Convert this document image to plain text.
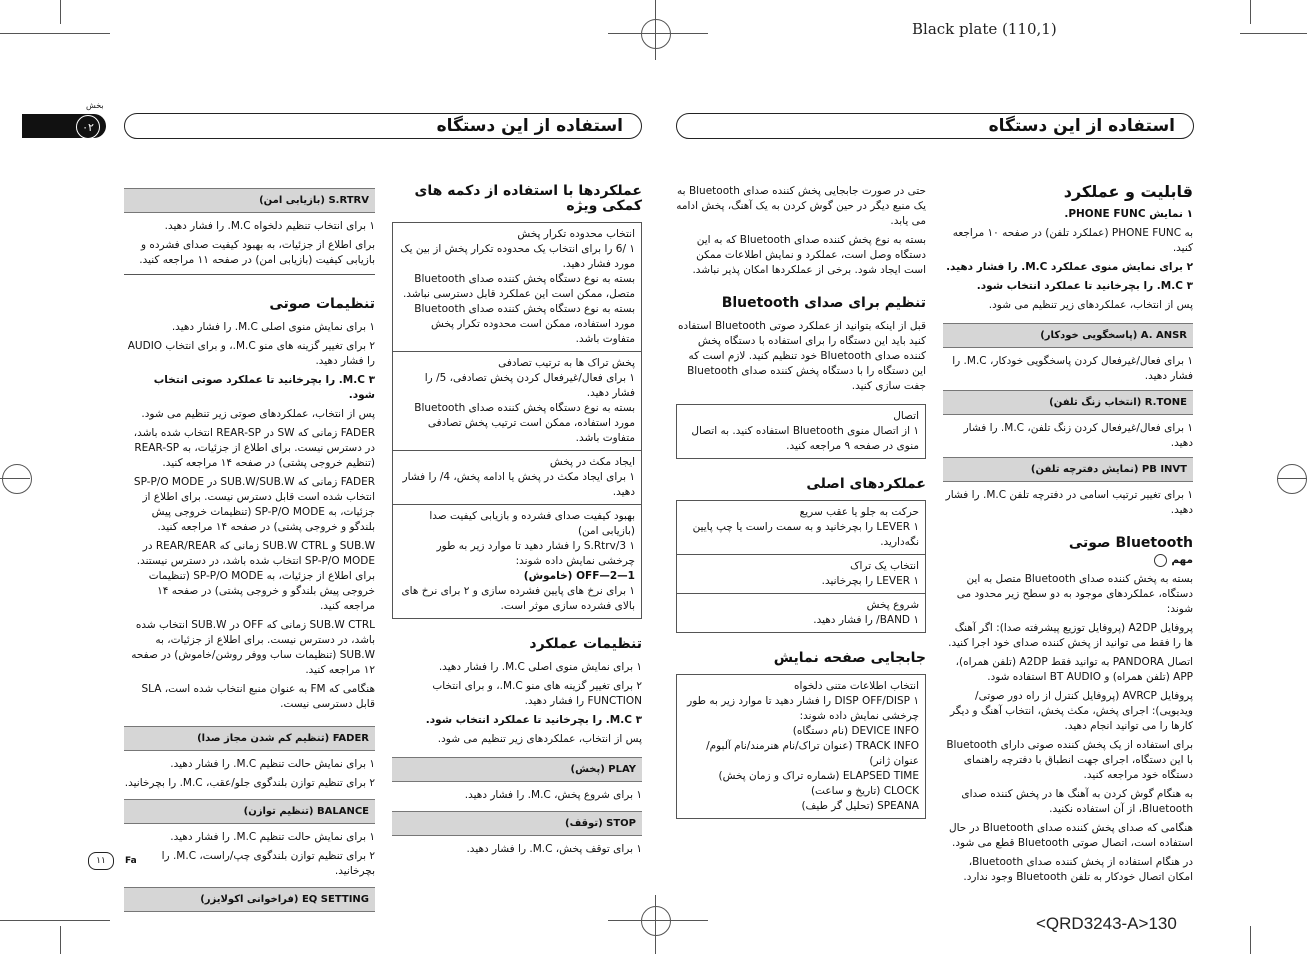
Black plate (110,1)
<QRD3243-A>130
بخش
۰۲	استفاده از این دستگاه	استفاده از این دستگاه
S.RTRV (بازیابی امن)
۱ برای انتخاب تنظیم دلخواه M.C. را فشار دهید.
برای اطلاع از جزئیات، به بهبود کیفیت صدای فشرده و بازیابی کیفیت (بازیابی امن) در صفحه ۱۱ مراجعه کنید.
تنظیمات صوتی
۱ برای نمایش منوی اصلی M.C. را فشار دهید.
۲ برای تغییر گزینه های منو M.C.، و برای انتخاب AUDIO را فشار دهید.
۳ M.C. را بچرخانید تا عملکرد صوتی انتخاب شود.
پس از انتخاب، عملکردهای صوتی زیر تنظیم می شود.
FADER زمانی که SW در REAR-SP انتخاب شده باشد، در دسترس نیست. برای اطلاع از جزئیات، به REAR-SP (تنظیم خروجی پشتی) در صفحه ۱۴ مراجعه کنید.
FADER زمانی که SUB.W/SUB.W در SP-P/O MODE انتخاب شده است قابل دسترس نیست. برای اطلاع از جزئیات، به SP-P/O MODE (تنظیمات خروجی پیش بلندگو و خروجی پشتی) در صفحه ۱۴ مراجعه کنید.
SUB.W و SUB.W CTRL زمانی که REAR/REAR در SP-P/O MODE انتخاب شده باشد، در دسترس نیستند. برای اطلاع از جزئیات، به SP-P/O MODE (تنظیمات خروجی پیش بلندگو و خروجی پشتی) در صفحه ۱۴ مراجعه کنید.
SUB.W CTRL زمانی که OFF در SUB.W انتخاب شده باشد، در دسترس نیست. برای اطلاع از جزئیات، به SUB.W (تنظیمات ساب ووفر روشن/خاموش) در صفحه ۱۲ مراجعه کنید.
هنگامی که FM به عنوان منبع انتخاب شده است، SLA قابل دسترسی نیست.
FADER (تنظیم کم شدن مجاز صدا)
۱ برای نمایش حالت تنظیم M.C. را فشار دهید.
۲ برای تنظیم توازن بلندگوی جلو/عقب، M.C. را بچرخانید.
BALANCE (تنظیم توازن)
۱ برای نمایش حالت تنظیم M.C. را فشار دهید.
۲ برای تنظیم توازن بلندگوی چپ/راست، M.C. را بچرخانید.
EQ SETTING (فراخوانی اکولایزر)
عملکردها با استفاده از دکمه های کمکی ویژه
انتخاب محدوده تکرار پخش
۱ /6 را برای انتخاب یک محدوده تکرار پخش از بین یک مورد فشار دهید.
بسته به نوع دستگاه پخش کننده صدای Bluetooth متصل، ممکن است این عملکرد قابل دسترسی نباشد.
بسته به نوع دستگاه پخش کننده صدای Bluetooth مورد استفاده، ممکن است محدوده تکرار پخش متفاوت باشد.
پخش تراک ها به ترتیب تصادفی
۱ برای فعال/غیرفعال کردن پخش تصادفی، 5/ را فشار دهید.
بسته به نوع دستگاه پخش کننده صدای Bluetooth مورد استفاده، ممکن است ترتیب پخش تصادفی متفاوت باشد.
ایجاد مکث در پخش
۱ برای ایجاد مکث در پخش یا ادامه پخش، 4/ را فشار دهید.
بهبود کیفیت صدای فشرده و بازیابی کیفیت صدا (بازیابی امن)
۱ S.Rtrv/3 را فشار دهید تا موارد زیر به طور چرخشی نمایش داده شوند:
OFF—2—1 (خاموش)
۱ برای نرخ های پایین فشرده سازی و ۲ برای نرخ های بالای فشرده سازی موثر است.
تنظیمات عملکرد
۱ برای نمایش منوی اصلی M.C. را فشار دهید.
۲ برای تغییر گزینه های منو M.C.، و برای انتخاب FUNCTION را فشار دهید.
۳ M.C. را بچرخانید تا عملکرد انتخاب شود.
پس از انتخاب، عملکردهای زیر تنظیم می شود.
PLAY (پخش)
۱ برای شروع پخش، M.C. را فشار دهید.
STOP (توقف)
۱ برای توقف پخش، M.C. را فشار دهید.
حتی در صورت جابجایی پخش کننده صدای Bluetooth به یک منبع دیگر در حین گوش کردن به یک آهنگ، پخش ادامه می یابد.
بسته به نوع پخش کننده صدای Bluetooth که به این دستگاه وصل است، عملکرد و نمایش اطلاعات ممکن است ایجاد شود. برخی از عملکردها امکان پذیر نباشد.
تنظیم برای صدای Bluetooth
قبل از اینکه بتوانید از عملکرد صوتی Bluetooth استفاده کنید باید این دستگاه را برای استفاده با دستگاه پخش کننده صدای Bluetooth خود تنظیم کنید. لازم است که این دستگاه را با دستگاه پخش کننده صدای Bluetooth جفت سازی کنید.
اتصال
۱ از اتصال منوی Bluetooth استفاده کنید. به اتصال منوی در صفحه ۹ مراجعه کنید.
عملکردهای اصلی
حرکت به جلو یا عقب سریع
۱ LEVER را بچرخانید و به سمت راست یا چپ پایین نگه‌دارید.
انتخاب یک تراک
۱ LEVER را بچرخانید.
شروع پخش
۱ BAND/ را فشار دهید.
جابجایی صفحه نمایش
انتخاب اطلاعات متنی دلخواه
۱ DISP OFF/DISP را فشار دهید تا موارد زیر به طور چرخشی نمایش داده شوند:
DEVICE INFO (نام دستگاه)
TRACK INFO (عنوان تراک/نام هنرمند/نام آلبوم/عنوان ژانر)
ELAPSED TIME (شماره تراک و زمان پخش)
CLOCK (تاریخ و ساعت)
SPEANA (تحلیل گر طیف)
قابلیت و عملکرد
۱ نمایش PHONE FUNC.
به PHONE FUNC (عملکرد تلفن) در صفحه ۱۰ مراجعه کنید.
۲ برای نمایش منوی عملکرد M.C. را فشار دهید.
۳ M.C. را بچرخانید تا عملکرد انتخاب شود.
پس از انتخاب، عملکردهای زیر تنظیم می شود.
A. ANSR (پاسخگویی خودکار)
۱ برای فعال/غیرفعال کردن پاسخگویی خودکار، M.C. را فشار دهید.
R.TONE (انتخاب زنگ تلفن)
۱ برای فعال/غیرفعال کردن زنگ تلفن، M.C. را فشار دهید.
PB INVT (نمایش دفترچه تلفن)
۱ برای تغییر ترتیب اسامی در دفترچه تلفن M.C. را فشار دهید.
Bluetooth صوتی
مهم
بسته به پخش کننده صدای Bluetooth متصل به این دستگاه، عملکردهای موجود به دو سطح زیر محدود می شوند:
پروفایل A2DP (پروفایل توزیع پیشرفته صدا): اگر آهنگ ها را فقط می توانید از پخش کننده صدای خود اجرا کنید.
اتصال PANDORA به توانید فقط A2DP (تلفن همراه)، APP (تلفن همراه) و BT AUDIO استفاده شود.
پروفایل AVRCP (پروفایل کنترل از راه دور صوتی/ویدیویی): اجرای پخش، مکث پخش، انتخاب آهنگ و دیگر کارها را می توانید انجام دهید.
برای استفاده از یک پخش کننده صوتی دارای Bluetooth با این دستگاه، اجرای جهت انطباق با دفترچه راهنمای دستگاه خود مراجعه کنید.
به هنگام گوش کردن به آهنگ ها در پخش کننده صدای Bluetooth، از آن استفاده نکنید.
هنگامی که صدای پخش کننده صدای Bluetooth در حال استفاده است، اتصال صوتی Bluetooth قطع می شود.
در هنگام استفاده از پخش کننده صدای Bluetooth، امکان اتصال خودکار به تلفن Bluetooth وجود ندارد.
۱۱	Fa
